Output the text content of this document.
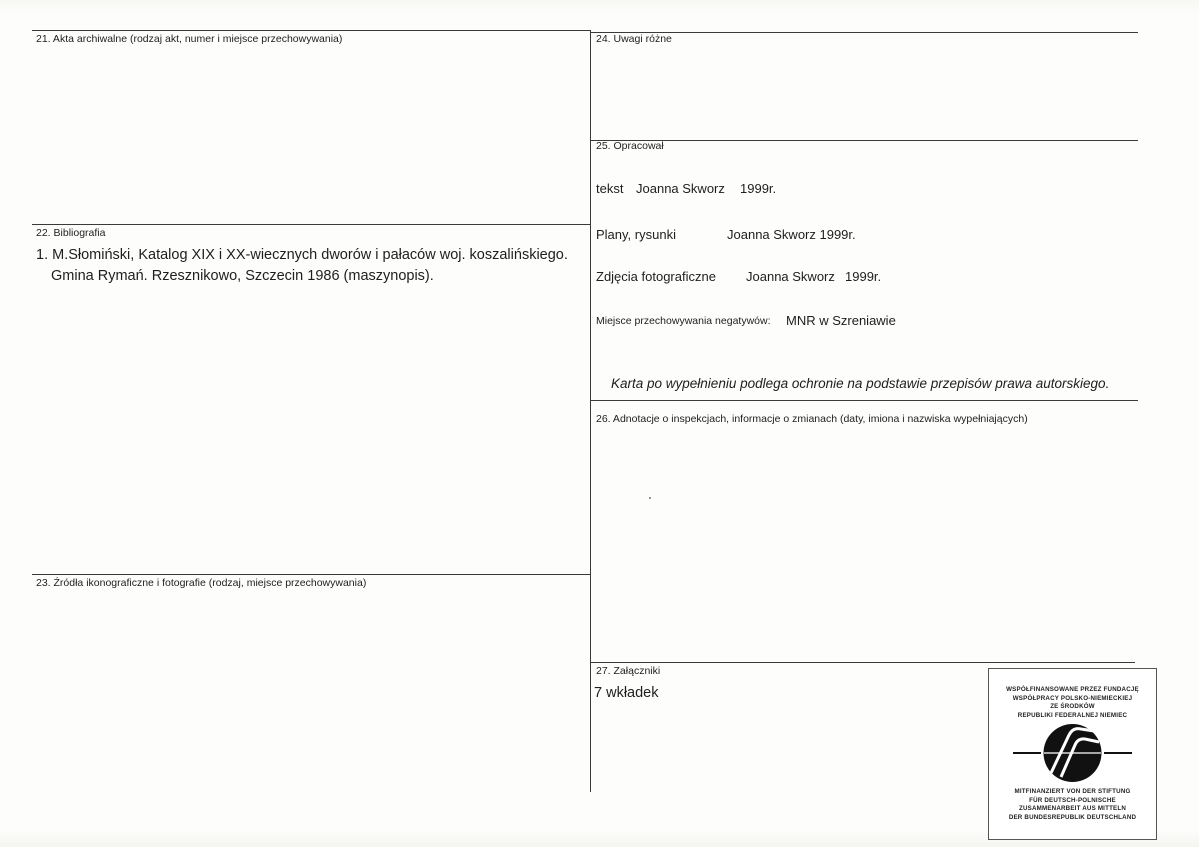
21. Akta archiwalne (rodzaj akt, numer i miejsce przechowywania)
22. Bibliografia
1. M.Słomiński, Katalog XIX i XX-wiecznych dworów i pałaców woj. koszalińskiego.
Gmina Rymań. Rzesznikowo, Szczecin 1986 (maszynopis).
23. Źródła ikonograficzne i fotografie (rodzaj, miejsce przechowywania)
24. Uwagi różne
25. Opracował
tekst Joanna Skworz 1999r.
Plany, rysunki	Joanna Skworz 1999r.
Zdjęcia fotograficzne Joanna Skworz 1999r.
Miejsce przechowywania negatywów: MNR w Szreniawie
Karta po wypełnieniu podlega ochronie na podstawie przepisów prawa autorskiego.
26. Adnotacje o inspekcjach, informacje o zmianach (daty, imiona i nazwiska wypełniających)
27. Załączniki
7 wkładek	WSPÓŁFINANSOWANE PRZEZ FUNDACJĘ
WSPÓŁPRACY POLSKO-NIEMIECKIEJ
ZE ŚRODKÓW
REPUBLIKI FEDERALNEJ NIEMIEC
MITFINANZIERT VON DER STIFTUNG
FÜR DEUTSCH-POLNISCHE
ZUSAMMENARBEIT AUS MITTELN
DER BUNDESREPUBLIK DEUTSCHLAND
